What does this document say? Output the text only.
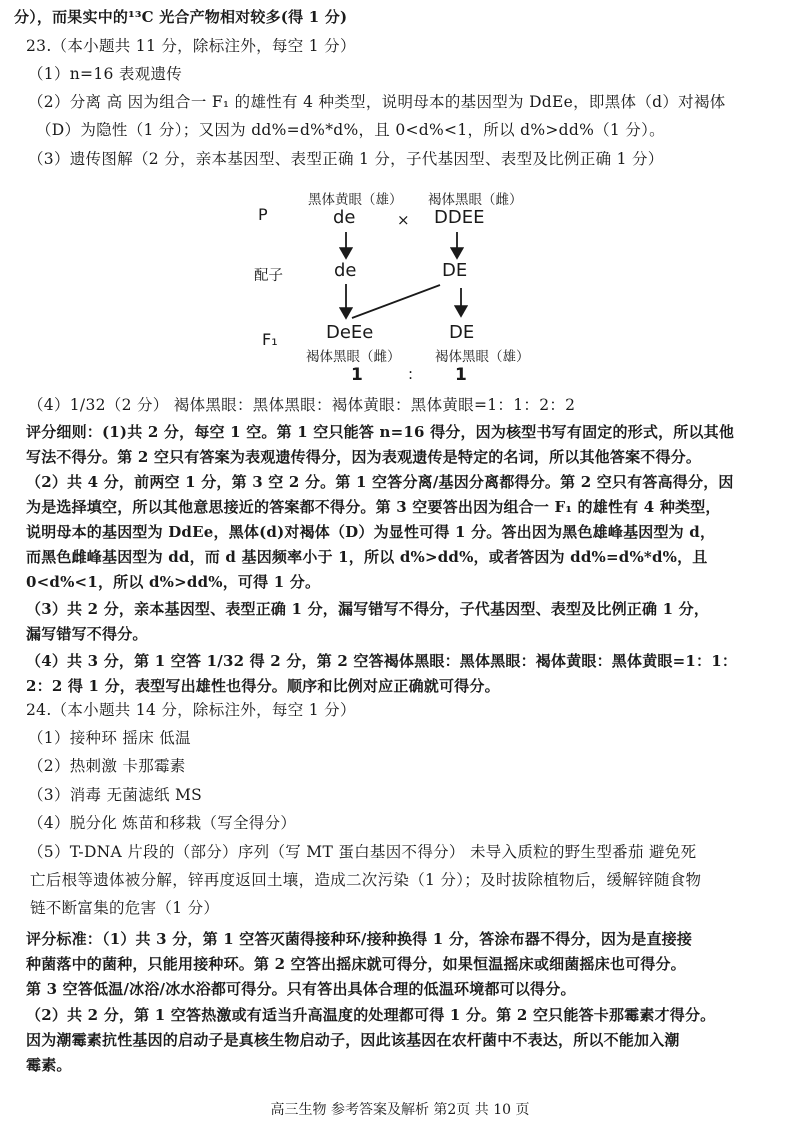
分），而果实中的¹³C 光合产物相对较多(得 1 分)
23.（本小题共 11 分，除标注外，每空 1 分）
（1）n=16 表观遗传
（2）分离 高 因为组合一 F₁ 的雄性有 4 种类型，说明母本的基因型为 DdEe，即黑体（d）对褐体
（D）为隐性（1 分）；又因为 dd%=d%*d%，且 0<d%<1，所以 d%>dd%（1 分）。
（3）遗传图解（2 分，亲本基因型、表型正确 1 分，子代基因型、表型及比例正确 1 分）
P
黑体黄眼（雄） 褐体黑眼（雌）
de	× DDEE
配子	de	DE
F₁	DeEe	DE
褐体黑眼（雌）	褐体黑眼（雄）
1	: 1
（4）1/32（2 分） 褐体黑眼：黑体黑眼：褐体黄眼：黑体黄眼=1：1：2：2
评分细则：(1)共 2 分，每空 1 空。第 1 空只能答 n=16 得分，因为核型书写有固定的形式，所以其他
写法不得分。第 2 空只有答案为表观遗传得分，因为表观遗传是特定的名词，所以其他答案不得分。
（2）共 4 分，前两空 1 分，第 3 空 2 分。第 1 空答分离/基因分离都得分。第 2 空只有答高得分，因
为是选择填空，所以其他意思接近的答案都不得分。第 3 空要答出因为组合一 F₁ 的雄性有 4 种类型，
说明母本的基因型为 DdEe，黑体(d)对褐体（D）为显性可得 1 分。答出因为黑色雄峰基因型为 d，
而黑色雌峰基因型为 dd，而 d 基因频率小于 1，所以 d%>dd%，或者答因为 dd%=d%*d%，且
0<d%<1，所以 d%>dd%，可得 1 分。
（3）共 2 分，亲本基因型、表型正确 1 分，漏写错写不得分，子代基因型、表型及比例正确 1 分，
漏写错写不得分。
（4）共 3 分，第 1 空答 1/32 得 2 分，第 2 空答褐体黑眼：黑体黑眼：褐体黄眼：黑体黄眼=1：1：
2：2 得 1 分，表型写出雄性也得分。顺序和比例对应正确就可得分。
24.（本小题共 14 分，除标注外，每空 1 分）
（1）接种环 摇床 低温
（2）热刺激 卡那霉素
（3）消毒 无菌滤纸 MS
（4）脱分化 炼苗和移栽（写全得分）
（5）T-DNA 片段的（部分）序列（写 MT 蛋白基因不得分） 未导入质粒的野生型番茄 避免死
亡后根等遗体被分解，锌再度返回土壤，造成二次污染（1 分）；及时拔除植物后，缓解锌随食物
链不断富集的危害（1 分）
评分标准：（1）共 3 分，第 1 空答灭菌得接种环/接种换得 1 分，答涂布器不得分，因为是直接接
种菌落中的菌种，只能用接种环。第 2 空答出摇床就可得分，如果恒温摇床或细菌摇床也可得分。
第 3 空答低温/冰浴/冰水浴都可得分。只有答出具体合理的低温环境都可以得分。
（2）共 2 分，第 1 空答热激或有适当升高温度的处理都可得 1 分。第 2 空只能答卡那霉素才得分。
因为潮霉素抗性基因的启动子是真核生物启动子，因此该基因在农杆菌中不表达，所以不能加入潮
霉素。
高三生物 参考答案及解析 第2页 共 10 页
